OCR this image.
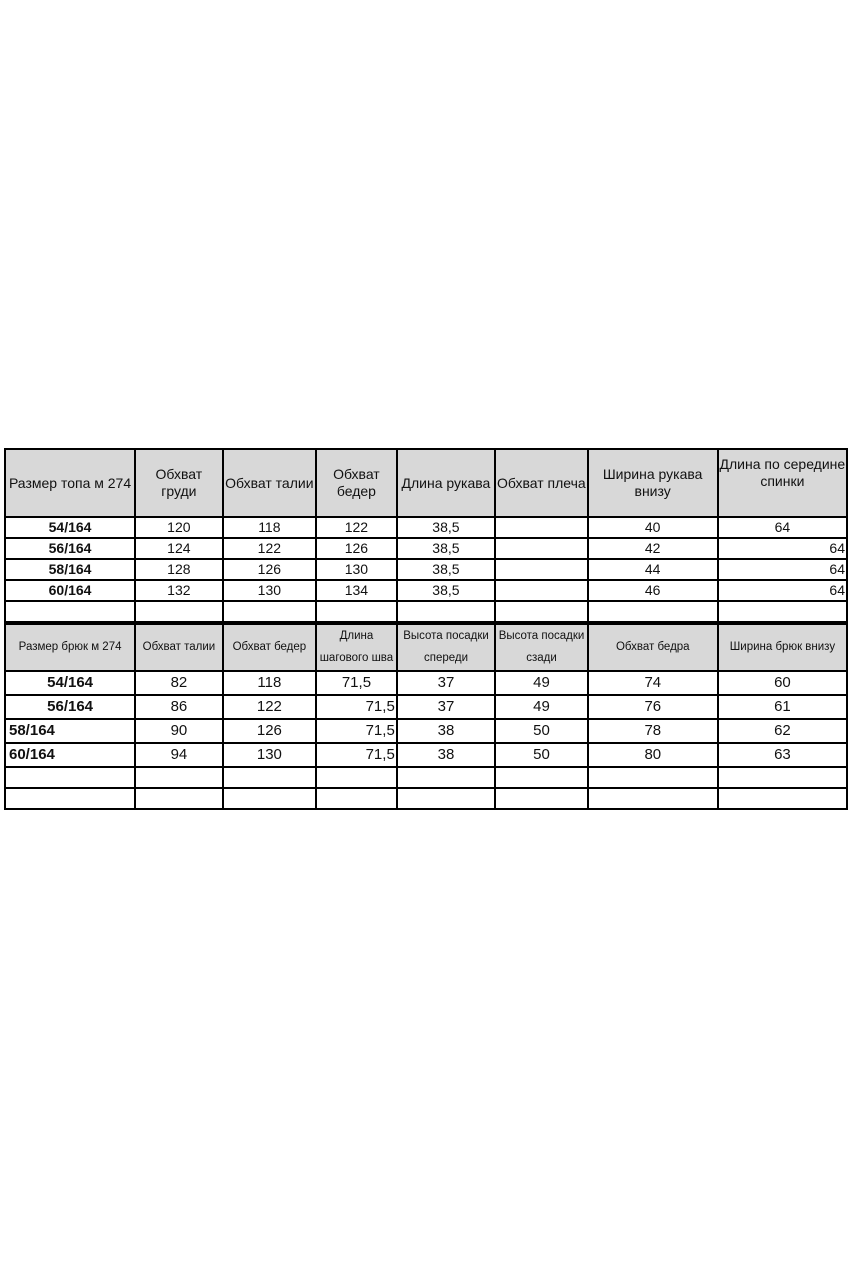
Размер топа м 274	Обхват груди	Обхват талии	Обхват бедер	Длина рукава	Обхват плеча	Ширина рукава внизу	Длина по середине спинки
54/164	120	118	122	38,5		40	64
56/164	124	122	126	38,5		42	64
58/164	128	126	130	38,5		44	64
60/164	132	130	134	38,5		46	64

Размер брюк м 274	Обхват талии	Обхват бедер	Длина шагового шва	Высота посадки спереди	Высота посадки сзади	Обхват бедра	Ширина брюк внизу
54/164	82	118	71,5	37	49	74	60
56/164	86	122	71,5	37	49	76	61
58/164	90	126	71,5	38	50	78	62
60/164	94	130	71,5	38	50	80	63
